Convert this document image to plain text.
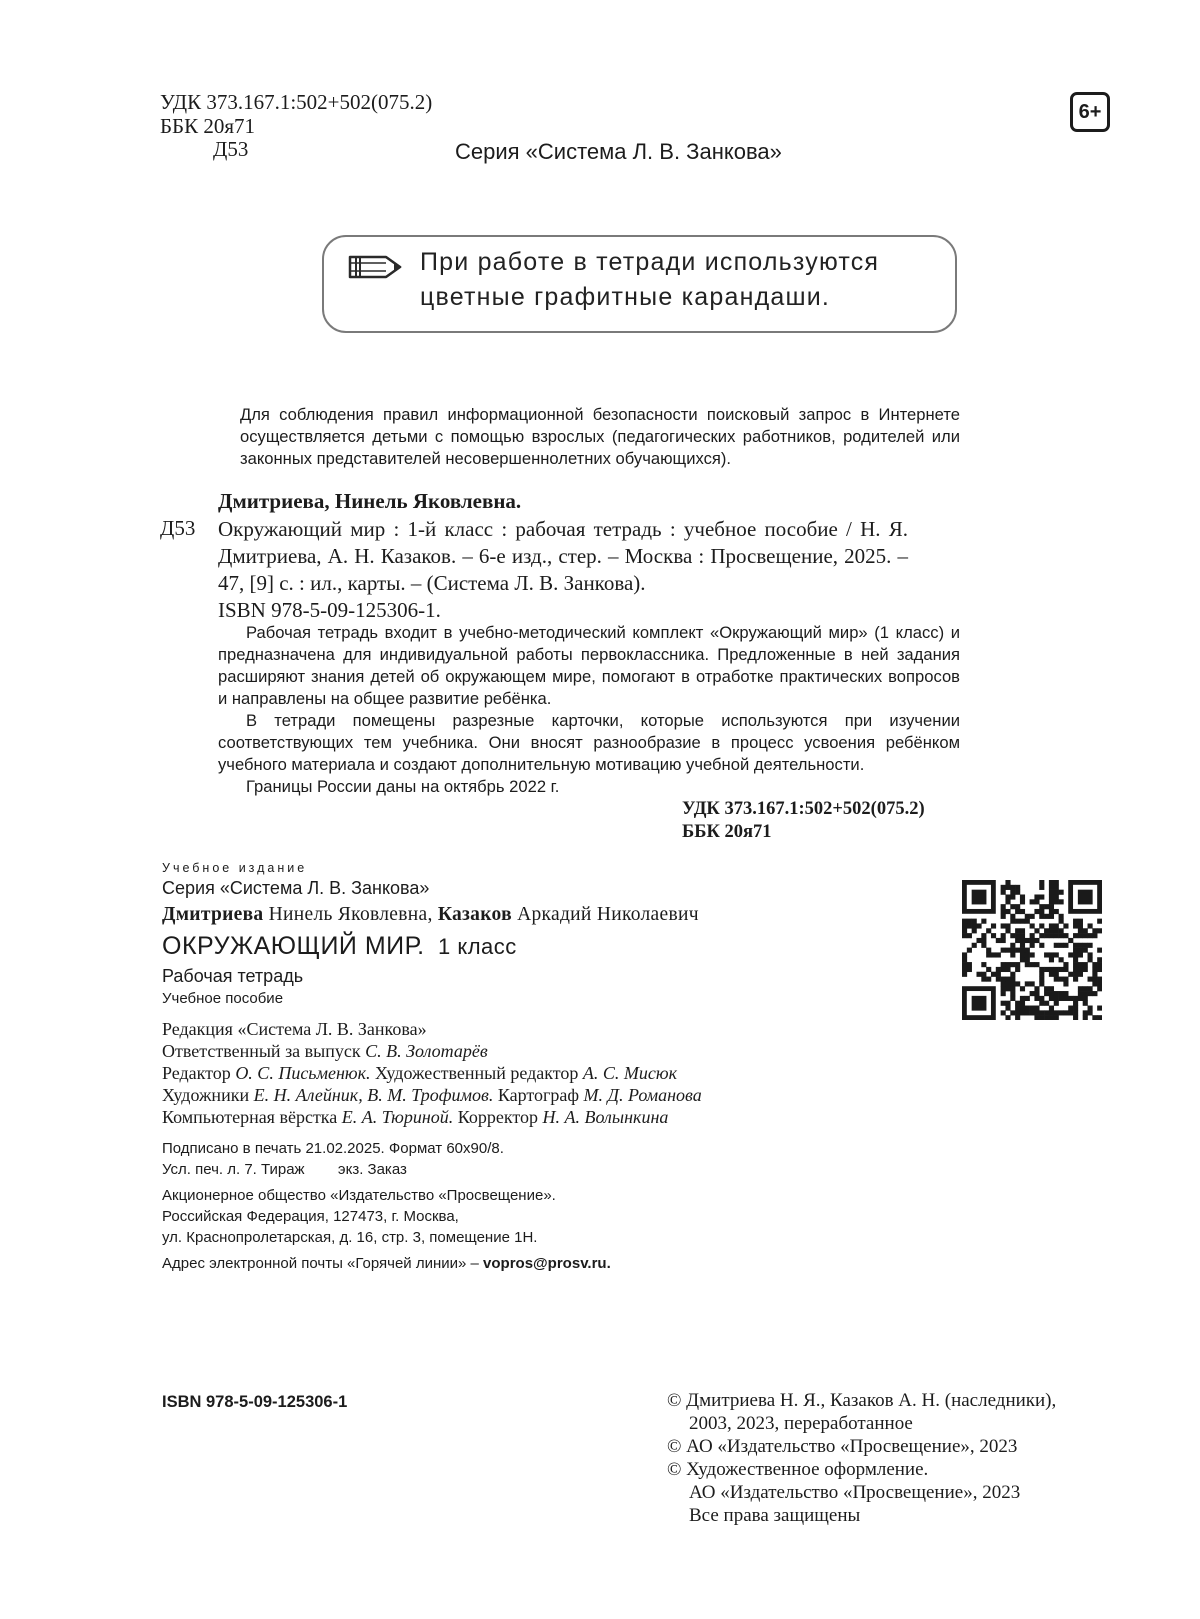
УДК 373.167.1:502+502(075.2)
ББК 20я71
Д53	Серия «Система Л. В. Занкова»
6+
При работе в тетради используются
цветные графитные карандаши.

Для соблюдения правил информационной безопасности поисковый запрос в Интернете осуществляется детьми с помощью взрослых (педагогических работников, родителей или законных представителей несовершеннолетних обучающихся).

Дмитриева, Нинель Яковлевна.
Д53 Окружающий мир : 1-й класс : рабочая тетрадь : учебное пособие / Н. Я. Дмитриева, А. Н. Казаков. – 6-е изд., стер. – Москва : Просвещение, 2025. – 47, [9] с. : ил., карты. – (Система Л. В. Занкова).

ISBN 978-5-09-125306-1.

Рабочая тетрадь входит в учебно-методический комплект «Окружающий мир» (1 класс) и предназначена для индивидуальной работы первоклассника. Предложенные в ней задания расширяют знания детей об окружающем мире, помогают в отработке практических вопросов и направлены на общее развитие ребёнка.

В тетради помещены разрезные карточки, которые используются при изучении соответствующих тем учебника. Они вносят разнообразие в процесс усвоения ребёнком учебного материала и создают дополнительную мотивацию учебной деятельности.

Границы России даны на октябрь 2022 г.

УДК 373.167.1:502+502(075.2)
ББК 20я71
Учебное издание
Серия «Система Л. В. Занкова»
Дмитриева Нинель Яковлевна, Казаков Аркадий Николаевич
ОКРУЖАЮЩИЙ МИР. 1 класс
Рабочая тетрадь
Учебное пособие
Редакция «Система Л. В. Занкова»
Ответственный за выпуск С. В. Золотарёв
Редактор О. С. Письменюк. Художественный редактор А. С. Мисюк
Художники Е. Н. Алейник, В. М. Трофимов. Картограф М. Д. Романова
Компьютерная вёрстка Е. А. Тюриной. Корректор Н. А. Волынкина
Подписано в печать 21.02.2025. Формат 60x90/8.
Усл. печ. л. 7. Тираж        экз. Заказ
Акционерное общество «Издательство «Просвещение».
Российская Федерация, 127473, г. Москва,
ул. Краснопролетарская, д. 16, стр. 3, помещение 1Н.
Адрес электронной почты «Горячей линии» – vopros@prosv.ru.
ISBN 978-5-09-125306-1	© Дмитриева Н. Я., Казаков А. Н. (наследники),

2003, 2023, переработанное

© АО «Издательство «Просвещение», 2023

© Художественное оформление.

АО «Издательство «Просвещение», 2023

Все права защищены
